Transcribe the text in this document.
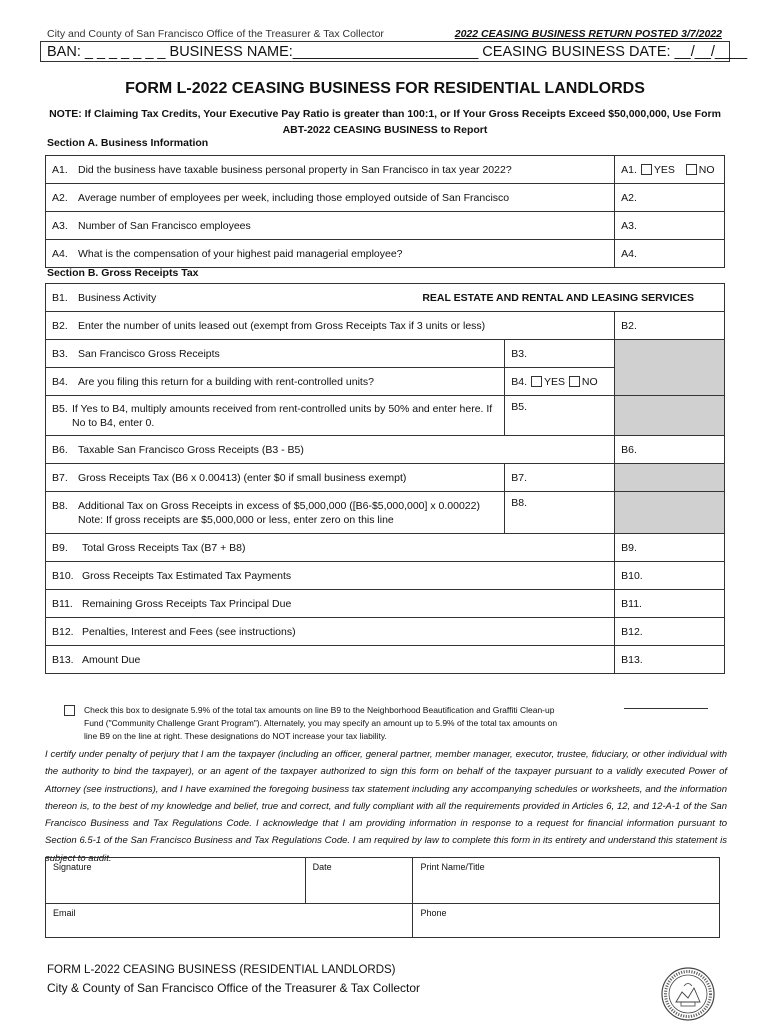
City and County of San Francisco Office of the Treasurer & Tax Collector	2022 CEASING BUSINESS RETURN POSTED 3/7/2022
BAN: _ _ _ _ _ _ _ BUSINESS NAME:_______________________ CEASING BUSINESS DATE: __/__/____
FORM L-2022 CEASING BUSINESS FOR RESIDENTIAL LANDLORDS
NOTE: If Claiming Tax Credits, Your Executive Pay Ratio is greater than 100:1, or If Your Gross Receipts Exceed $50,000,000, Use Form ABT-2022 CEASING BUSINESS to Report
Section A. Business Information
A1. Did the business have taxable business personal property in San Francisco in tax year 2022?	A1. YES NO
A2. Average number of employees per week, including those employed outside of San Francisco	A2.
A3. Number of San Francisco employees	A3.
A4. What is the compensation of your highest paid managerial employee?	A4.
Section B. Gross Receipts Tax
B1. Business Activity REAL ESTATE AND RENTAL AND LEASING SERVICES		

B2. Enter the number of units leased out (exempt from Gross Receipts Tax if 3 units or less)		B2.
B3. San Francisco Gross Receipts	B3.	
B4. Are you filing this return for a building with rent-controlled units?	B4. YES NO	
B5. If Yes to B4, multiply amounts received from rent-controlled units by 50% and enter here. If
No to B4, enter 0.	B5.	
B6. Taxable San Francisco Gross Receipts (B3 - B5)		B6.
B7. Gross Receipts Tax (B6 x 0.00413) (enter $0 if small business exempt)	B7.	
B8. Additional Tax on Gross Receipts in excess of $5,000,000 ([B6-$5,000,000] x 0.00022)
Note: If gross receipts are $5,000,000 or less, enter zero on this line	B8.	
B9. Total Gross Receipts Tax (B7 + B8)		B9.
B10. Gross Receipts Tax Estimated Tax Payments		B10.
B11. Remaining Gross Receipts Tax Principal Due		B11.
B12. Penalties, Interest and Fees (see instructions)		B12.
B13. Amount Due		B13.
Check this box to designate 5.9% of the total tax amounts on line B9 to the Neighborhood Beautification and Graffiti Clean-up
Fund ("Community Challenge Grant Program"). Alternately, you may specify an amount up to 5.9% of the total tax amounts on
line B9 on the line at right. These designations do NOT increase your tax liability.
I certify under penalty of perjury that I am the taxpayer (including an officer, general partner, member manager, executor, trustee, fiduciary, or other individual with the authority to bind the taxpayer), or an agent of the taxpayer authorized to sign this form on behalf of the taxpayer pursuant to a validly executed Power of Attorney (see instructions), and I have examined the foregoing business tax statement including any accompanying schedules or worksheets, and the information thereon is, to the best of my knowledge and belief, true and correct, and fully compliant with all the requirements provided in Articles 6, 12, and 12-A-1 of the San Francisco Business and Tax Regulations Code. I acknowledge that I am providing information in response to a request for financial information pursuant to Section 6.5-1 of the San Francisco Business and Tax Regulations Code. I am required by law to complete this form in its entirety and understand this statement is subject to audit.
Signature	Date	Print Name/Title
Email		Phone
FORM L-2022 CEASING BUSINESS (RESIDENTIAL LANDLORDS)
City & County of San Francisco Office of the Treasurer & Tax Collector
